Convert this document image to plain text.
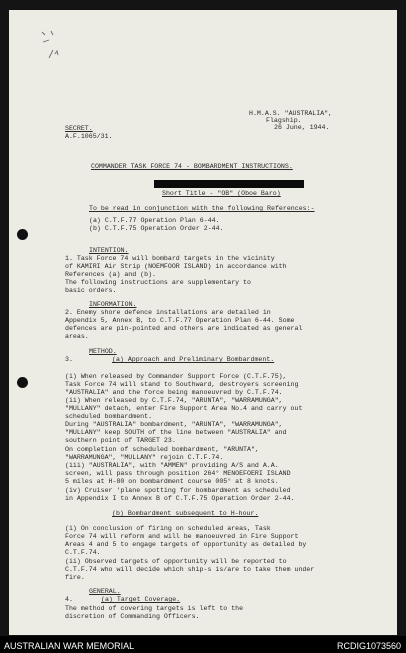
H.M.A.S. "AUSTRALIA",

Flagship.

26 June, 1944.

SECRET.

A.F.1065/31.

COMMANDER TASK FORCE 74 - BOMBARDMENT INSTRUCTIONS.

Short Title - "OB" (Oboe Baro)

To be read in conjunction with the following References:-

(a) C.T.F.77 Operation Plan 6-44.

(b) C.T.F.75 Operation Order 2-44.

INTENTION.

1. Task Force 74 will bombard targets in the vicinity

of KAMIRI Air Strip (NOEMFOOR ISLAND) in accordance with

References (a) and (b).

The following instructions are supplementary to

basic orders.

INFORMATION.

2. Enemy shore defence installations are detailed in

Appendix 5, Annex B, to C.T.F.77 Operation Plan 6-44. Some

defences are pin-pointed and others are indicated as general

areas.

METHOD.

3.	(a) Approach and Preliminary Bombardment.

(i) When released by Commander Support Force (C.T.F.75),

Task Force 74 will stand to Southward, destroyers screening

"AUSTRALIA" and the force being manoeuvred by C.T.F.74.

(ii) When released by C.T.F.74, "ARUNTA", "WARRAMUNGA",

"MULLANY" detach, enter Fire Support Area No.4 and carry out

scheduled bombardment.

During "AUSTRALIA" bombardment, "ARUNTA", "WARRAMUNGA",

"MULLANY" keep SOUTH of the line between "AUSTRALIA" and

southern point of TARGET 23.

On completion of scheduled bombardment, "ARUNTA",

"WARRAMUNGA", "MULLANY" rejoin C.T.F.74.

(iii) "AUSTRALIA", with "AMMEN" providing A/S and A.A.

screen, will pass through position 264° MENOEFOERI ISLAND

5 miles at H-80 on bombardment course 005° at 8 knots.

(iv) Cruiser 'plane spotting for bombardment as scheduled

in Appendix I to Annex B of C.T.F.75 Operation Order 2-44.

(b) Bombardment subsequent to H-hour.

(i) On conclusion of firing on scheduled areas, Task

Force 74 will reform and will be manoeuvred in Fire Support

Areas 4 and 5 to engage targets of opportunity as detailed by

C.T.F.74.

(ii) Observed targets of opportunity will be reported to

C.T.F.74 who will decide which ship-s is/are to take them under

fire.

GENERAL.

4.	(a) Target Coverage.

The method of covering targets is left to the

discretion of Commanding Officers.

AUSTRALIAN WAR MEMORIAL	RCDIG1073560
